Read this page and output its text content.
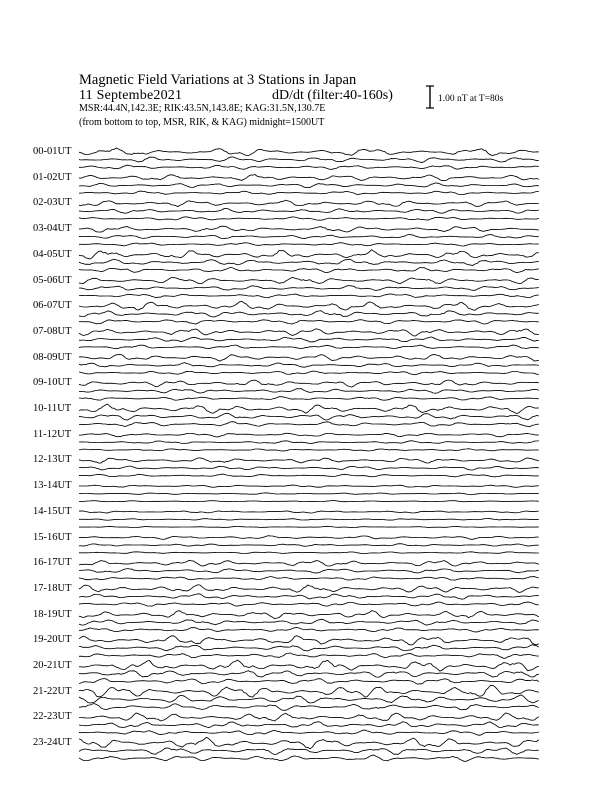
Magnetic Field Variations at 3 Stations in Japan
11 Septembe2021	dD/dt (filter:40-160s)
MSR:44.4N,142.3E; RIK:43.5N,143.8E; KAG:31.5N,130.7E
(from bottom to top, MSR, RIK, & KAG) midnight=1500UT
1.00 nT at T=80s
00-01UT
01-02UT
02-03UT
03-04UT
04-05UT
05-06UT
06-07UT
07-08UT
08-09UT
09-10UT
10-11UT
11-12UT
12-13UT
13-14UT
14-15UT
15-16UT
16-17UT
17-18UT
18-19UT
19-20UT
20-21UT
21-22UT
22-23UT
23-24UT
